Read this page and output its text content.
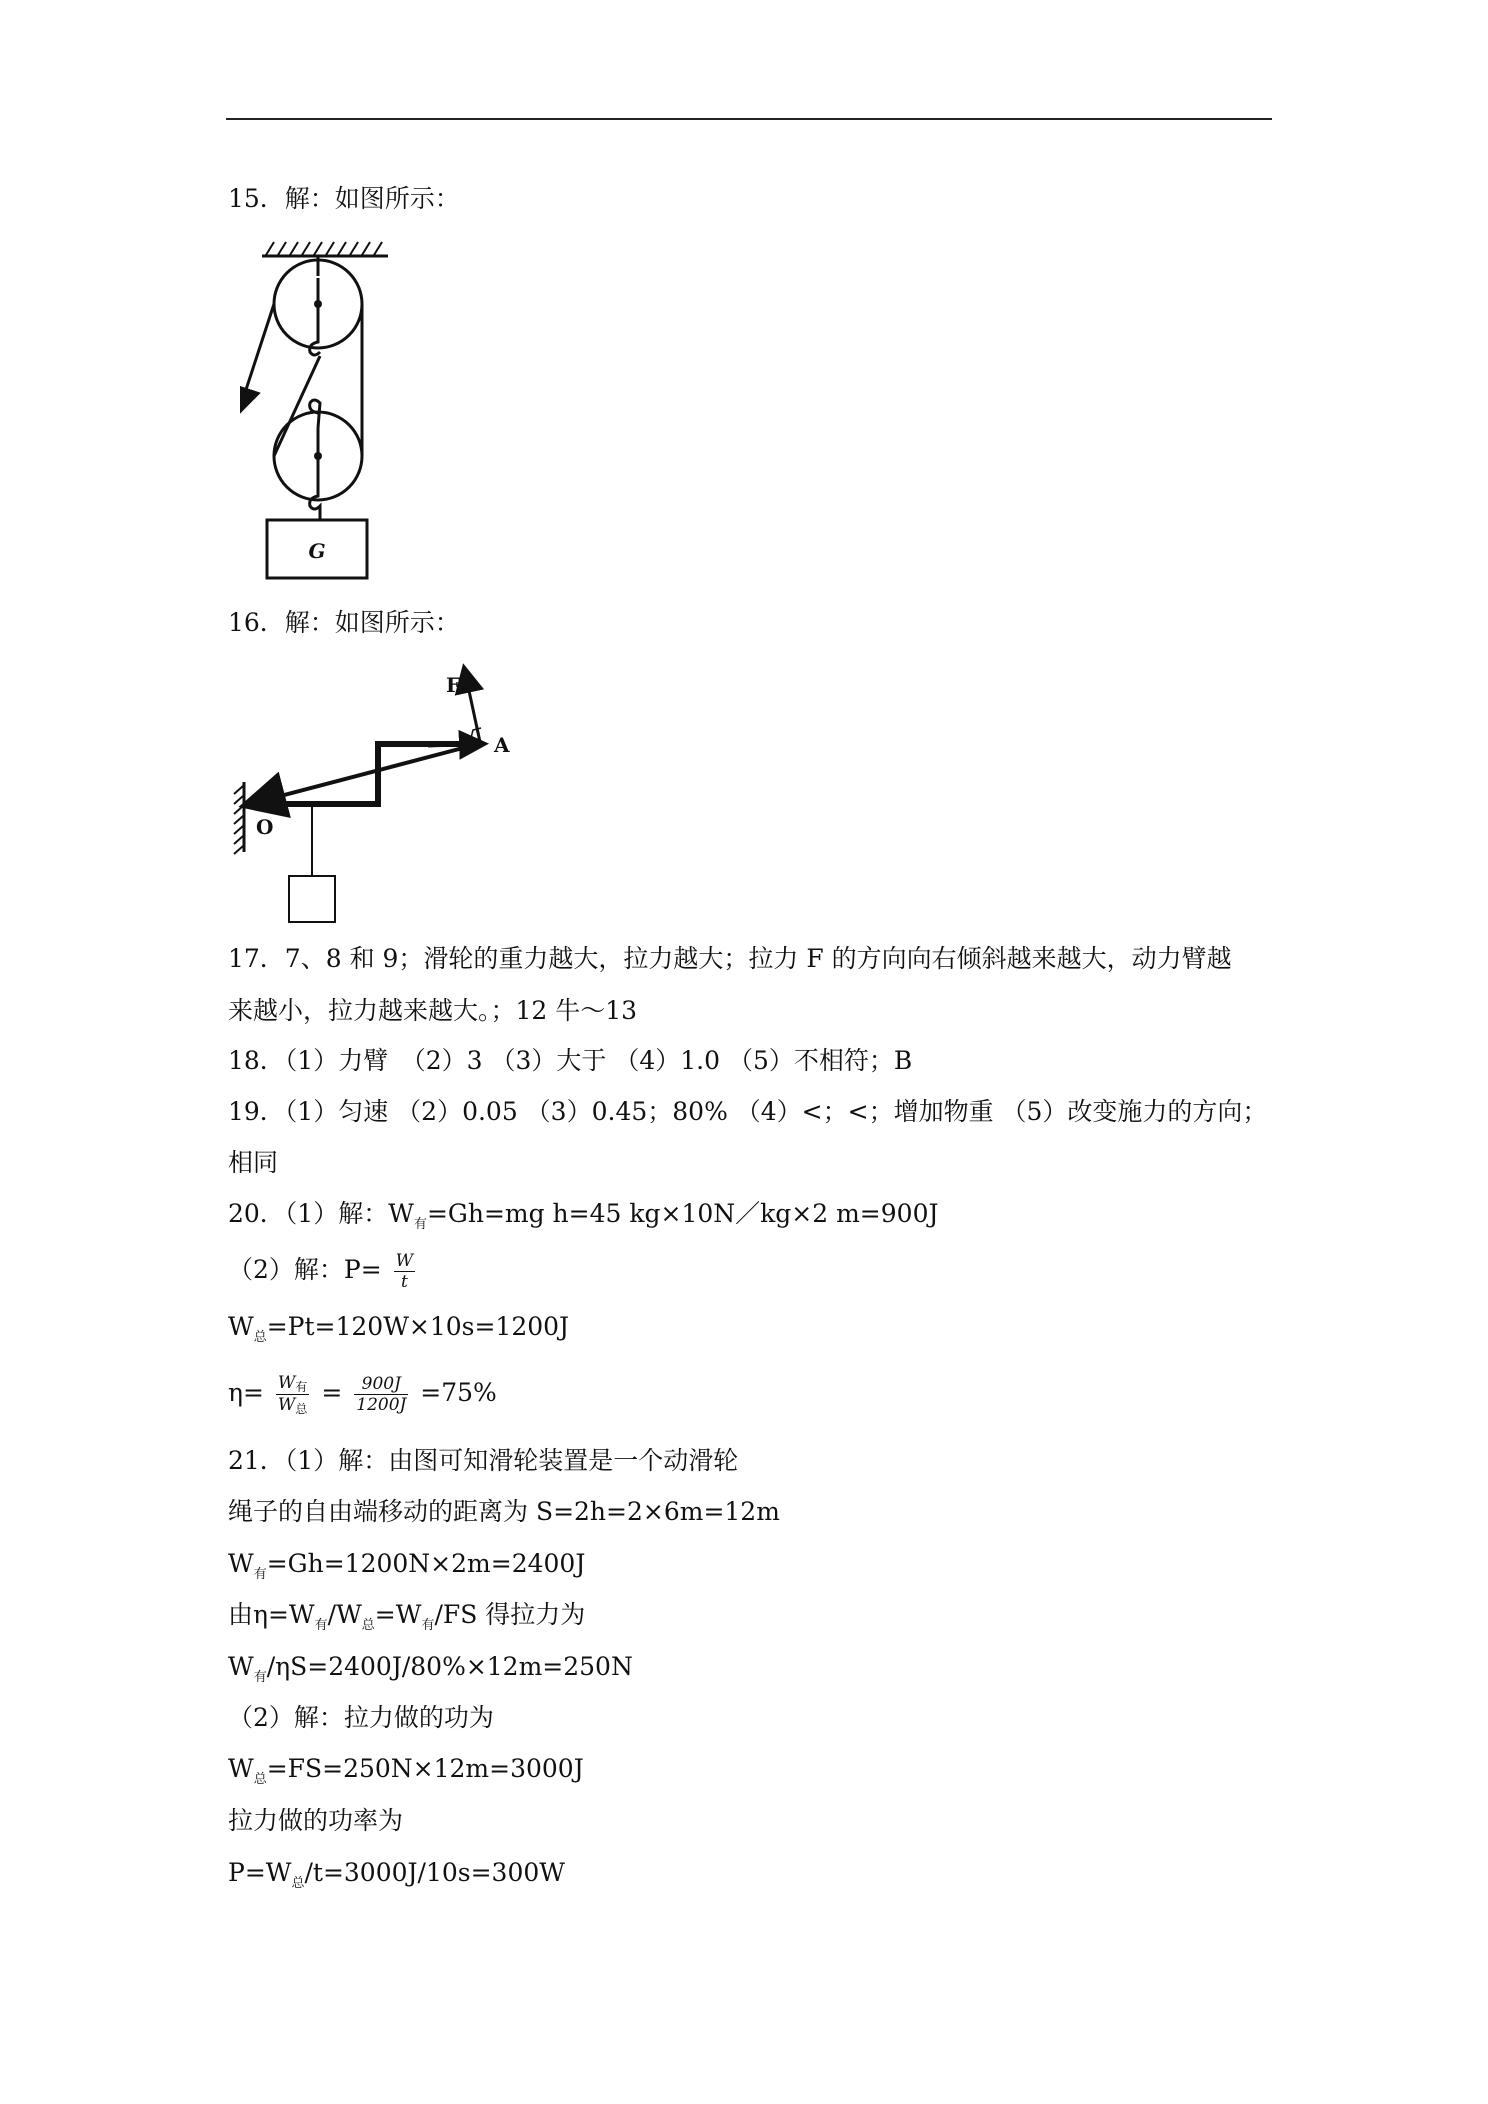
15．解：如图所示：
G
16．解：如图所示：
F
A
O
17．7、8 和 9；滑轮的重力越大，拉力越大；拉力 F 的方向向右倾斜越来越大，动力臂越
来越小，拉力越来越大。；12 牛～13
18．（1）力臂　（2）3 （3）大于 （4）1.0 （5）不相符；B
19．（1）匀速 （2）0.05 （3）0.45；80% （4）<；<；增加物重 （5）改变施力的方向；
相同
20．（1）解：$W_有=Gh=mg$ h=45 kg×10N／kg×2 m=900J
（2）解：$P= \frac{W}{t}$
$W_总=Pt=120W\times 10s=1200J$
$\eta= \frac{\text{W有}}{\text{W总}} = \frac{900J}{1200J} =75\%$
21．（1）解：由图可知滑轮装置是一个动滑轮
绳子的自由端移动的距离为 S=2h=2×6m=12m
$W_有=Gh=1200N\times 2m=2400J$
由$\eta=W_有/W_总=W_有/FS$ 得拉力为
$W_有/\eta S=2400J/80\%\times 12m=250N$
（2）解：拉力做的功为
$W_总=FS=250N\times 12m=3000J$
拉力做的功率为
$P=W_总/t=3000J/10s=300W$
